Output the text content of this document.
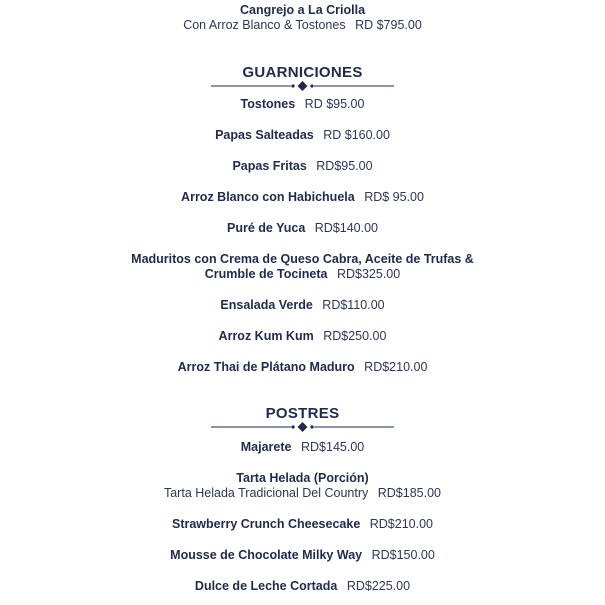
Cangrejo a La Criolla
Con Arroz Blanco & Tostones RD $795.00
GUARNICIONES
Tostones RD $95.00
Papas Salteadas RD $160.00
Papas Fritas RD$95.00
Arroz Blanco con Habichuela RD$ 95.00
Puré de Yuca RD$140.00
Maduritos con Crema de Queso Cabra, Aceite de Trufas &
Crumble de Tocineta RD$325.00
Ensalada Verde RD$110.00
Arroz Kum Kum RD$250.00
Arroz Thai de Plátano Maduro RD$210.00
POSTRES
Majarete RD$145.00
Tarta Helada (Porción)
Tarta Helada Tradicional Del Country RD$185.00
Strawberry Crunch Cheesecake RD$210.00
Mousse de Chocolate Milky Way RD$150.00
Dulce de Leche Cortada RD$225.00
